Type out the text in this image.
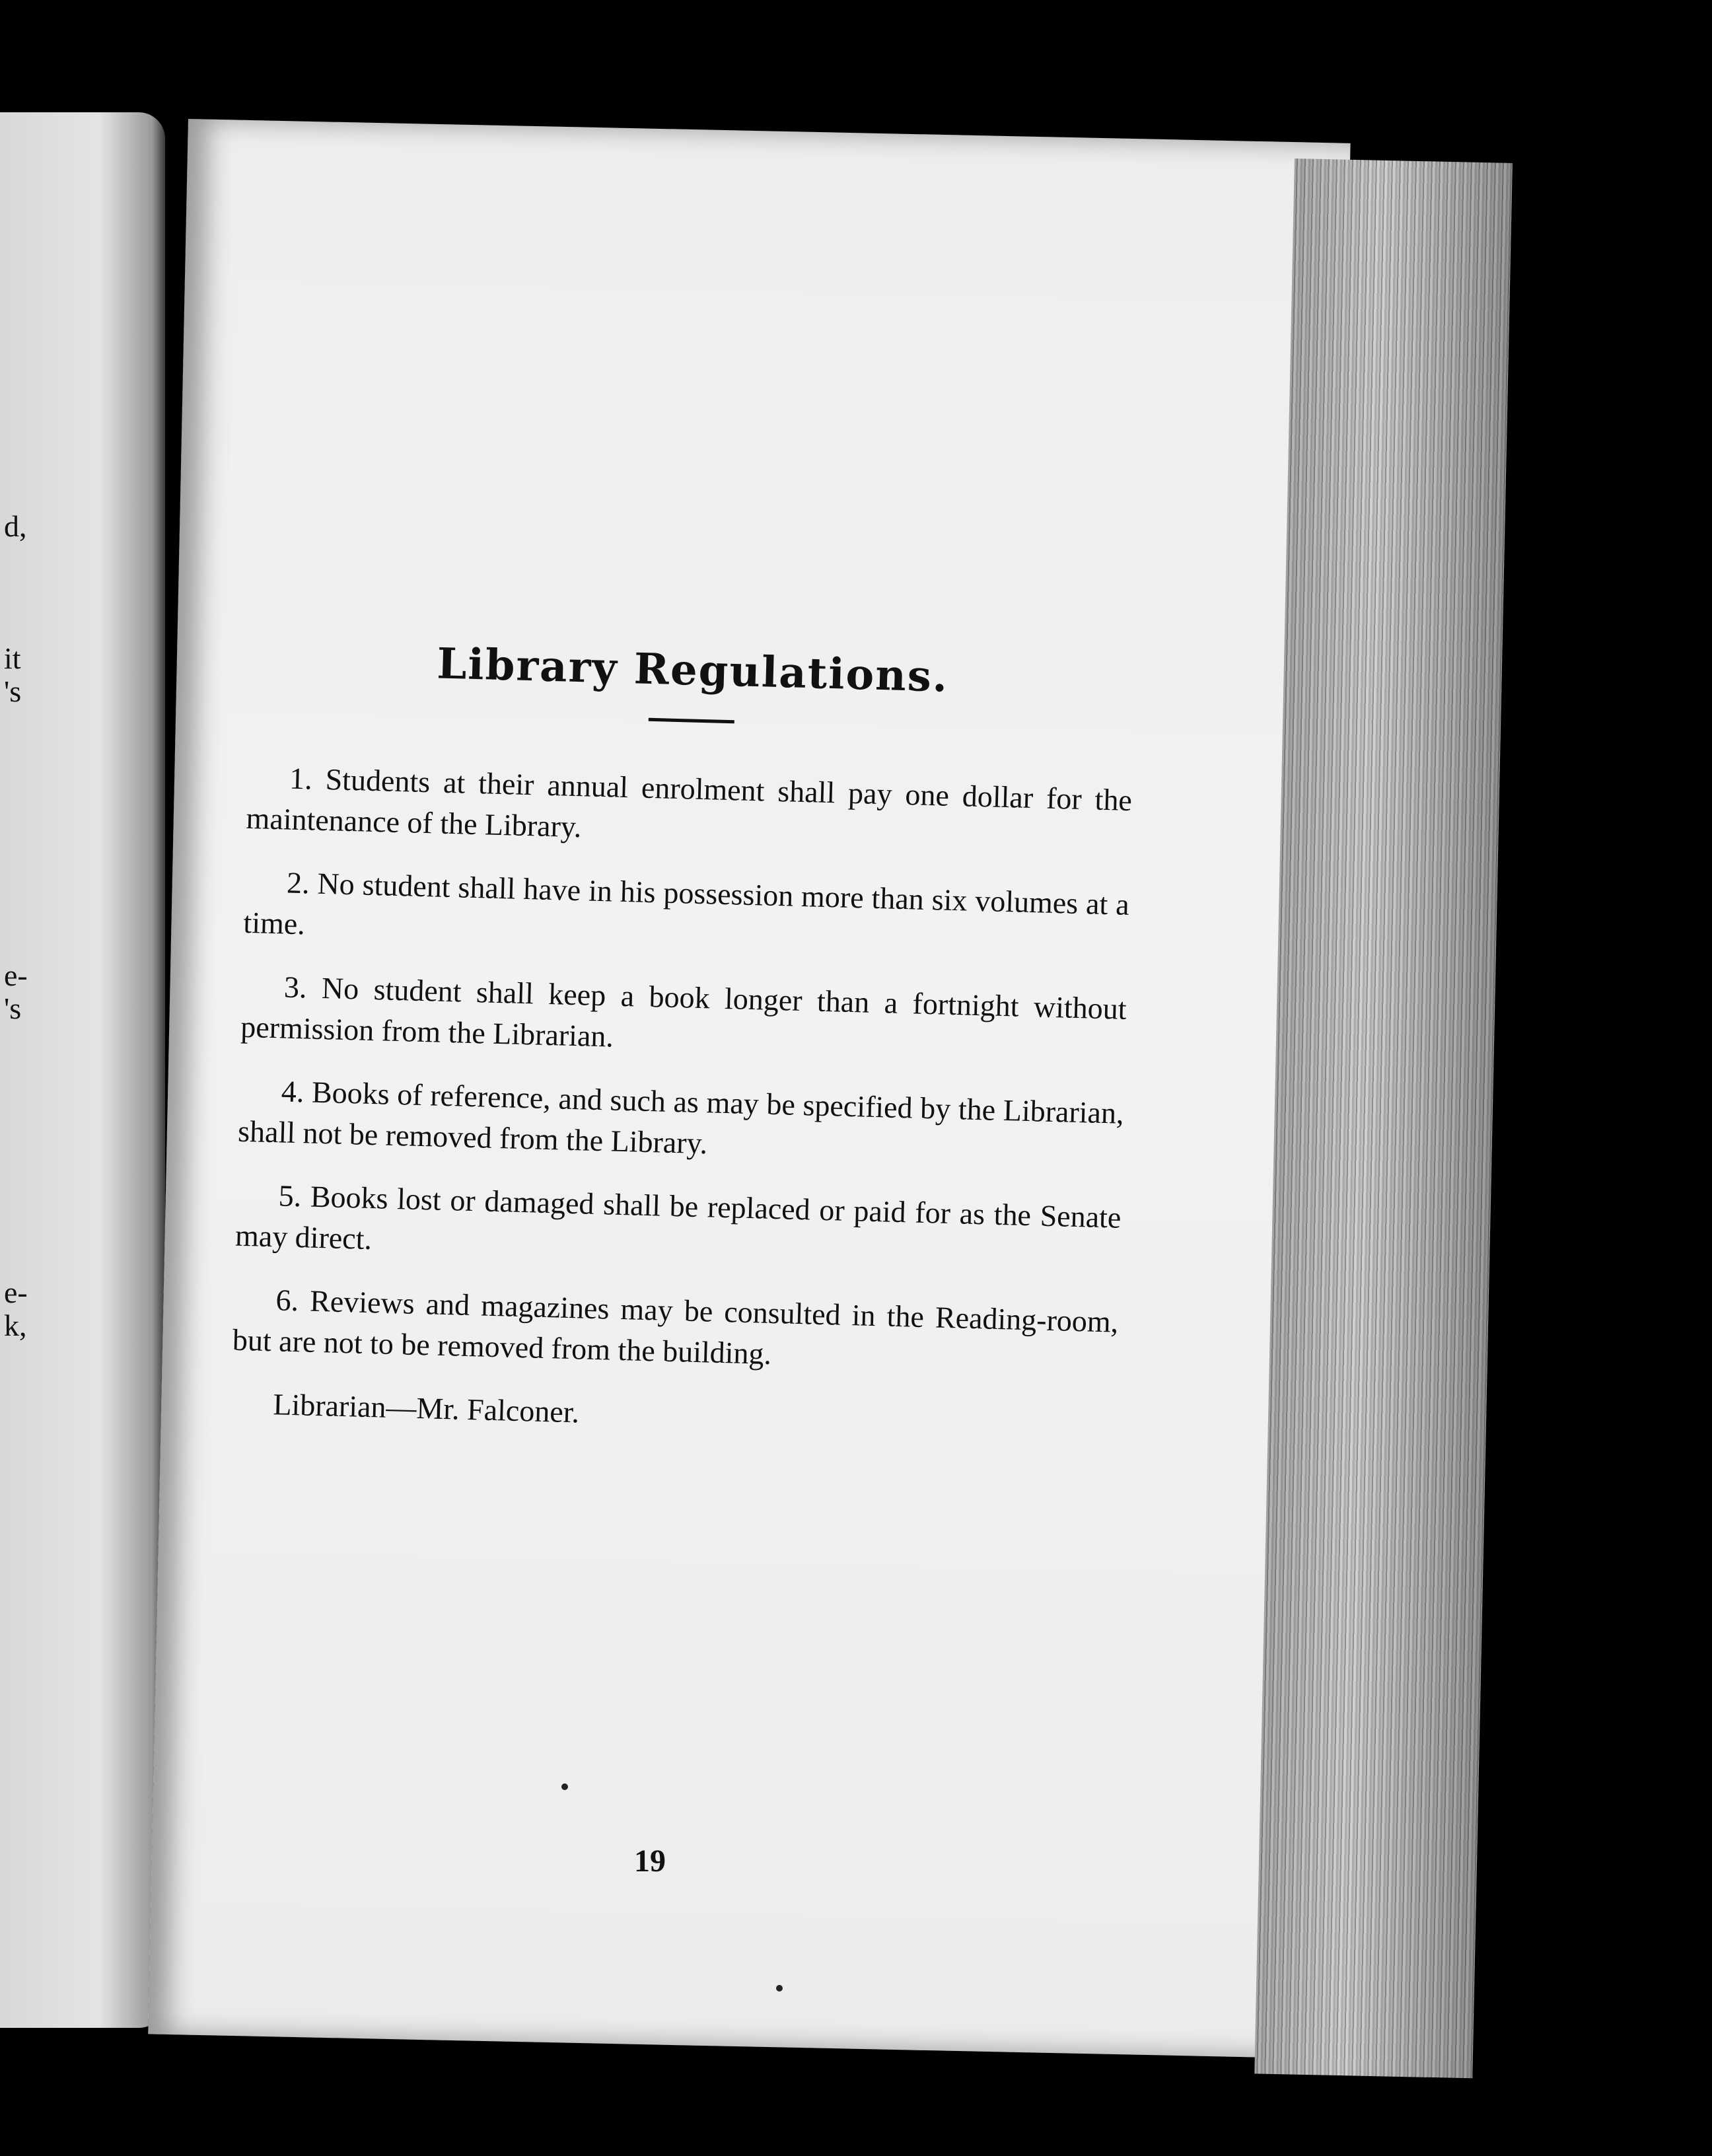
d,
it
's
e-
's
e-
k,
Library Regulations.

1. Students at their annual enrolment shall pay one dollar for the maintenance of the Library.

2. No student shall have in his possession more than six volumes at a time.

3. No student shall keep a book longer than a fortnight without permission from the Librarian.

4. Books of reference, and such as may be specified by the Librarian, shall not be removed from the Library.

5. Books lost or damaged shall be replaced or paid for as the Senate may direct.

6. Reviews and magazines may be consulted in the Reading-room, but are not to be removed from the building.

Librarian—Mr. Falconer.

19
